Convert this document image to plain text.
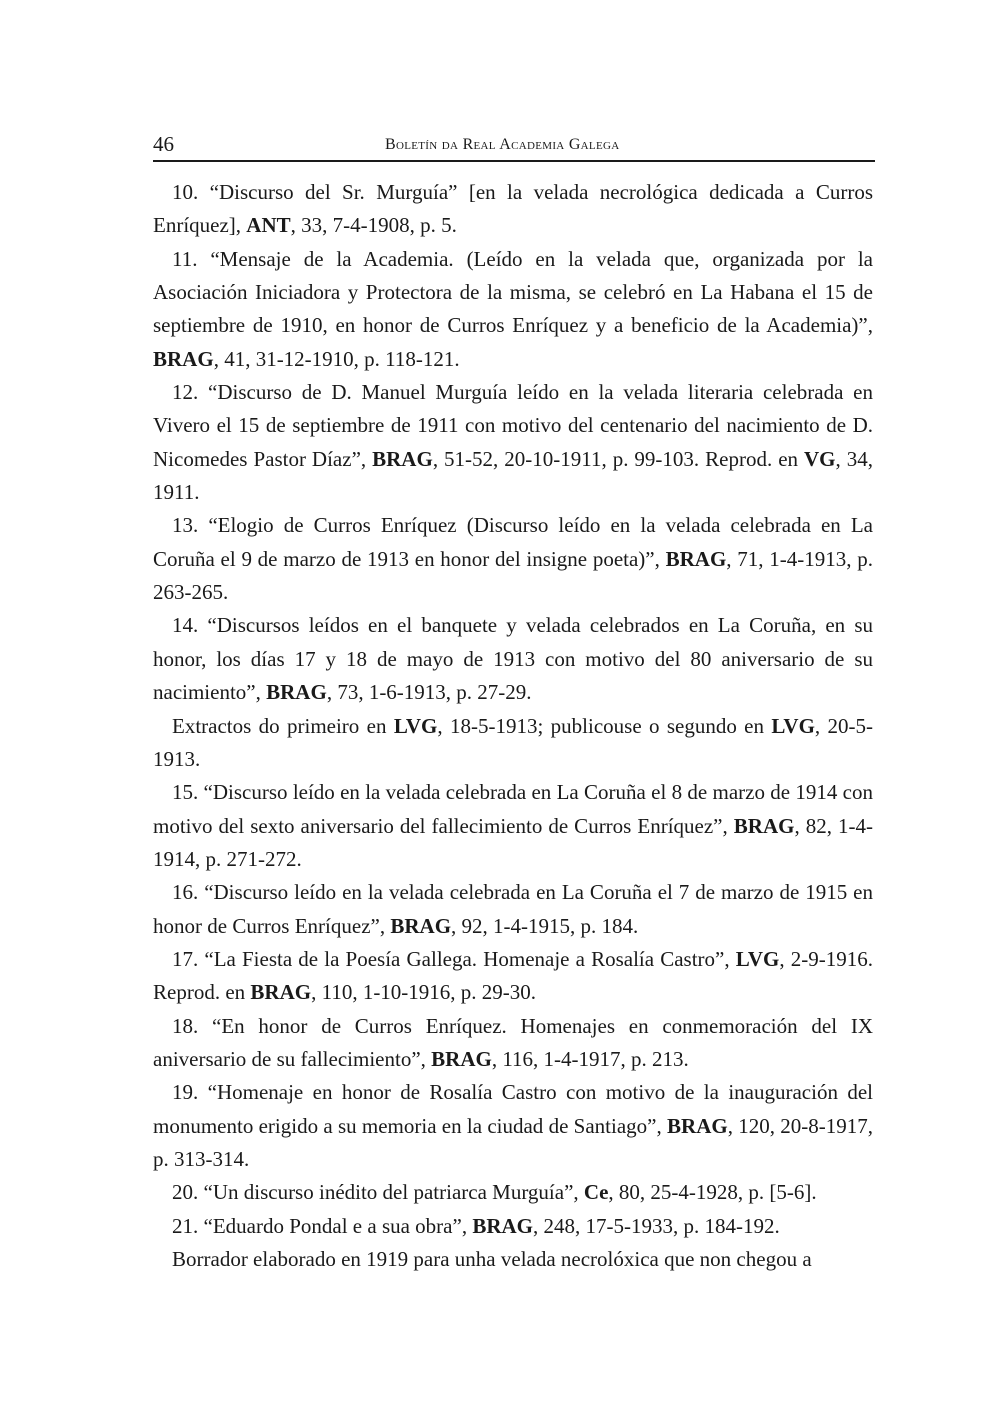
46	Boletín da Real Academia Galega

10. “Discurso del Sr. Murguía” [en la velada necrológica dedicada a Curros Enríquez], ANT, 33, 7-4-1908, p. 5.

11. “Mensaje de la Academia. (Leído en la velada que, organizada por la Asociación Iniciadora y Protectora de la misma, se celebró en La Habana el 15 de septiembre de 1910, en honor de Curros Enríquez y a beneficio de la Academia)”, BRAG, 41, 31-12-1910, p. 118-121.

12. “Discurso de D. Manuel Murguía leído en la velada literaria celebrada en Vivero el 15 de septiembre de 1911 con motivo del centenario del nacimiento de D. Nicomedes Pastor Díaz”, BRAG, 51-52, 20-10-1911, p. 99-103. Reprod. en VG, 34, 1911.

13. “Elogio de Curros Enríquez (Discurso leído en la velada celebrada en La Coruña el 9 de marzo de 1913 en honor del insigne poeta)”, BRAG, 71, 1-4-1913, p. 263-265.

14. “Discursos leídos en el banquete y velada celebrados en La Coruña, en su honor, los días 17 y 18 de mayo de 1913 con motivo del 80 aniversario de su nacimiento”, BRAG, 73, 1-6-1913, p. 27-29.

Extractos do primeiro en LVG, 18-5-1913; publicouse o segundo en LVG, 20-5-1913.

15. “Discurso leído en la velada celebrada en La Coruña el 8 de marzo de 1914 con motivo del sexto aniversario del fallecimiento de Curros Enríquez”, BRAG, 82, 1-4-1914, p. 271-272.

16. “Discurso leído en la velada celebrada en La Coruña el 7 de marzo de 1915 en honor de Curros Enríquez”, BRAG, 92, 1-4-1915, p. 184.

17. “La Fiesta de la Poesía Gallega. Homenaje a Rosalía Castro”, LVG, 2-9-1916. Reprod. en BRAG, 110, 1-10-1916, p. 29-30.

18. “En honor de Curros Enríquez. Homenajes en conmemoración del IX aniversario de su fallecimiento”, BRAG, 116, 1-4-1917, p. 213.

19. “Homenaje en honor de Rosalía Castro con motivo de la inauguración del monumento erigido a su memoria en la ciudad de Santiago”, BRAG, 120, 20-8-1917, p. 313-314.

20. “Un discurso inédito del patriarca Murguía”, Ce, 80, 25-4-1928, p. [5-6].

21. “Eduardo Pondal e a sua obra”, BRAG, 248, 17-5-1933, p. 184-192.

Borrador elaborado en 1919 para unha velada necrolóxica que non chegou a
